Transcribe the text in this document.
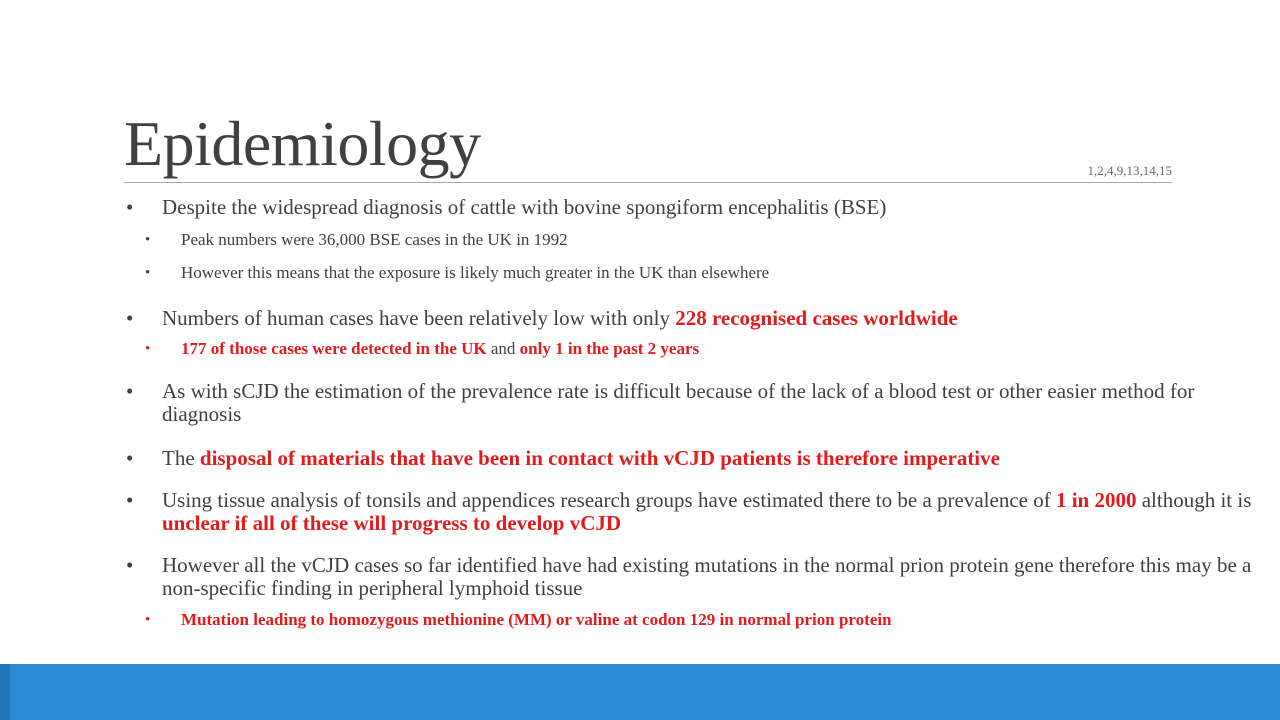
Epidemiology	1,2,4,9,13,14,15
• Despite the widespread diagnosis of cattle with bovine spongiform encephalitis (BSE)
• Peak numbers were 36,000 BSE cases in the UK in 1992
• However this means that the exposure is likely much greater in the UK than elsewhere
• Numbers of human cases have been relatively low with only 228 recognised cases worldwide
• 177 of those cases were detected in the UK and only 1 in the past 2 years
• As with sCJD the estimation of the prevalence rate is difficult because of the lack of a blood test or other easier method for diagnosis
• The disposal of materials that have been in contact with vCJD patients is therefore imperative
• Using tissue analysis of tonsils and appendices research groups have estimated there to be a prevalence of 1 in 2000 although it is unclear if all of these will progress to develop vCJD
• However all the vCJD cases so far identified have had existing mutations in the normal prion protein gene therefore this may be a non-specific finding in peripheral lymphoid tissue
• Mutation leading to homozygous methionine (MM) or valine at codon 129 in normal prion protein
